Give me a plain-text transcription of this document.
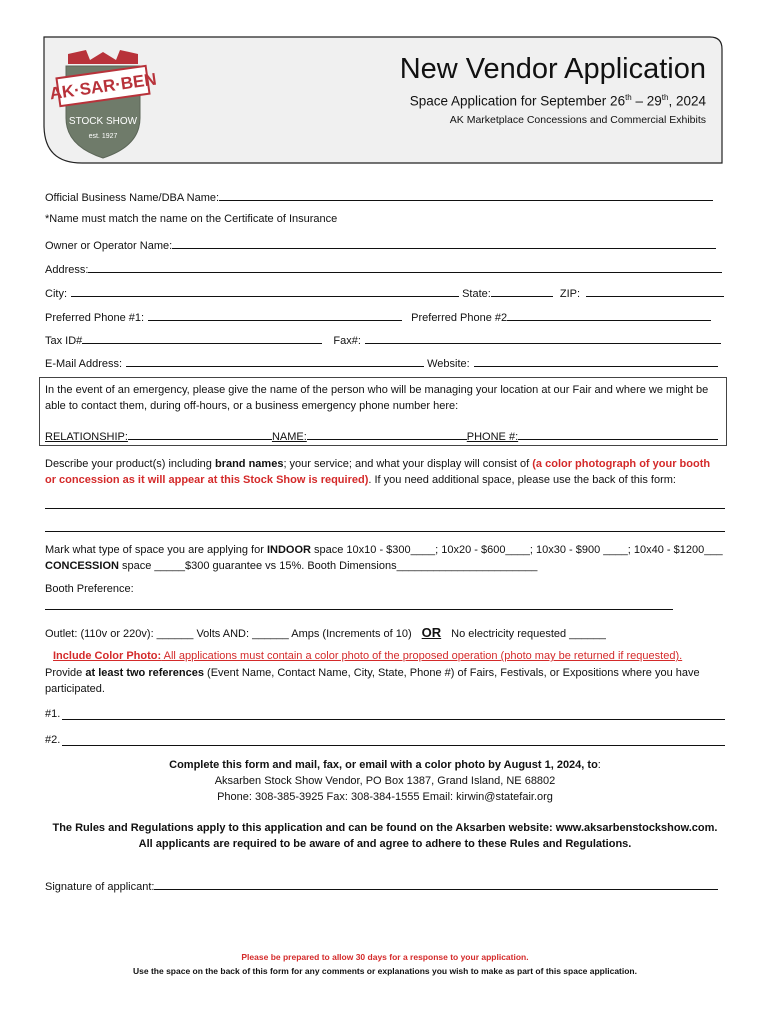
AK·SAR·BEN
STOCK SHOW
est. 1927
New Vendor Application
Space Application for September 26th – 29th, 2024
AK Marketplace Concessions and Commercial Exhibits
Official Business Name/DBA Name:
*Name must match the name on the Certificate of Insurance
Owner or Operator Name:
Address:
City:	State:	ZIP:
Preferred Phone #1:	Preferred Phone #2
Tax ID#	Fax#:
E-Mail Address:	Website:
In the event of an emergency, please give the name of the person who will be managing your location at our Fair and where we might be able to contact them, during off-hours, or a business emergency phone number here:
RELATIONSHIP:	NAME:	PHONE #:
Describe your product(s) including brand names; your service; and what your display will consist of (a color photograph of your booth or concession as it will appear at this Stock Show is required). If you need additional space, please use the back of this form:
Mark what type of space you are applying for INDOOR space 10x10 - $300____; 10x20 - $600____; 10x30 - $900 ____; 10x40 - $1200___
CONCESSION space _____$300 guarantee vs 15%. Booth Dimensions_______________________
Booth Preference:
Outlet: (110v or 220v): ______ Volts AND: ______ Amps (Increments of 10) OR No electricity requested ______
Include Color Photo: All applications must contain a color photo of the proposed operation (photo may be returned if requested).
Provide at least two references (Event Name, Contact Name, City, State, Phone #) of Fairs, Festivals, or Expositions where you have participated.
#1.
#2.
Complete this form and mail, fax, or email with a color photo by August 1, 2024, to:
Aksarben Stock Show Vendor, PO Box 1387, Grand Island, NE 68802
Phone: 308-385-3925 Fax: 308-384-1555 Email: kirwin@statefair.org
The Rules and Regulations apply to this application and can be found on the Aksarben website: www.aksarbenstockshow.com.
All applicants are required to be aware of and agree to adhere to these Rules and Regulations.
Signature of applicant:
Please be prepared to allow 30 days for a response to your application.
Use the space on the back of this form for any comments or explanations you wish to make as part of this space application.
